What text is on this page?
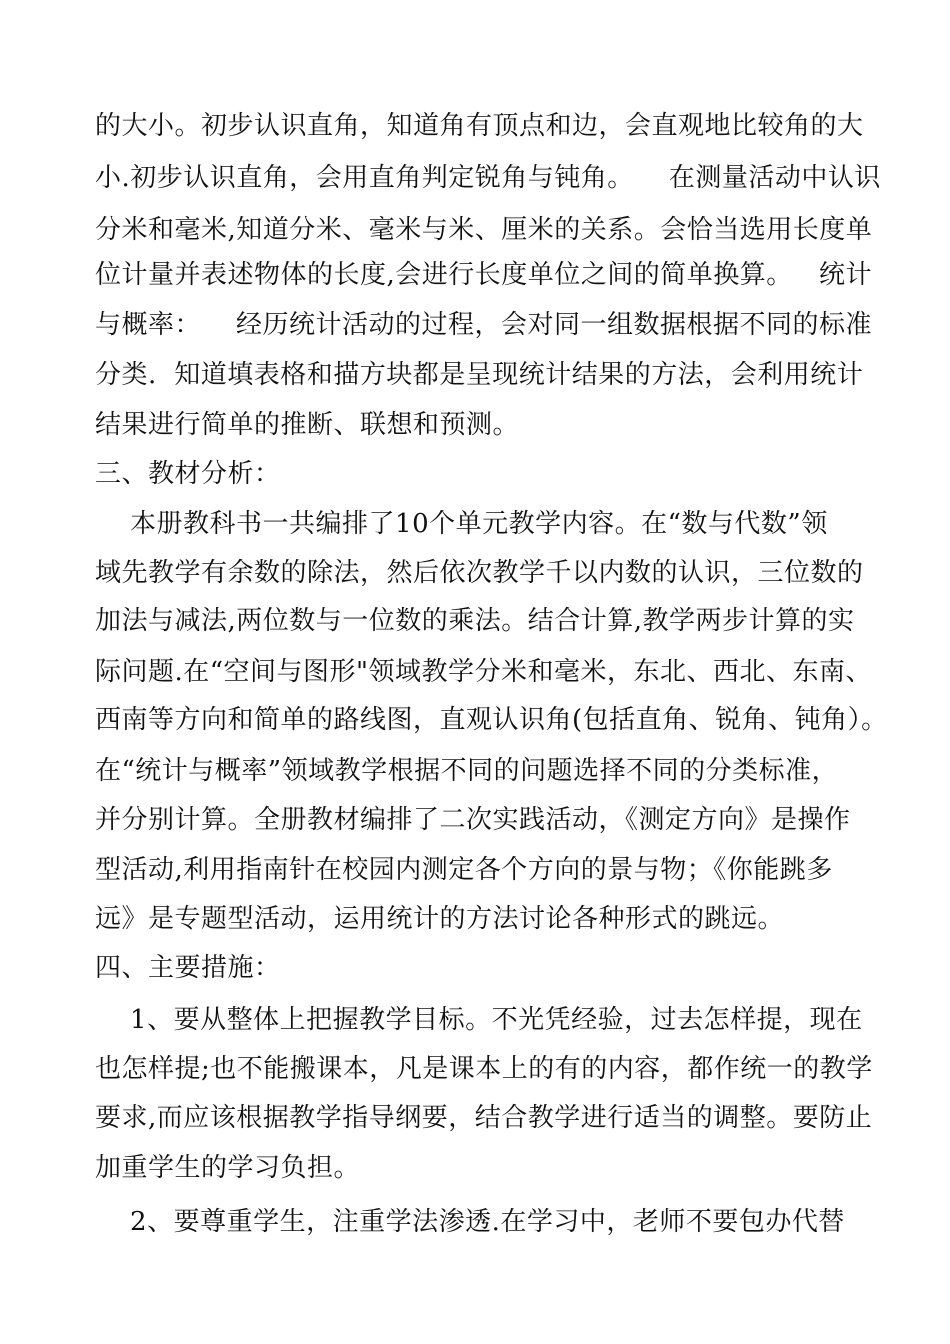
的大小。初步认识直角，知道角有顶点和边，会直观地比较角的大
小.初步认识直角，会用直角判定锐角与钝角。    在测量活动中认识
分米和毫米,知道分米、毫米与米、厘米的关系。会恰当选用长度单
位计量并表述物体的长度,会进行长度单位之间的简单换算。   统计
与概率：    经历统计活动的过程，会对同一组数据根据不同的标准
分类.  知道填表格和描方块都是呈现统计结果的方法，会利用统计
结果进行简单的推断、联想和预测。
三、教材分析：
本册教科书一共编排了10个单元教学内容。在“数与代数”领
域先教学有余数的除法，然后依次教学千以内数的认识，三位数的
加法与减法,两位数与一位数的乘法。结合计算,教学两步计算的实
际问题.在“空间与图形"领域教学分米和毫米，东北、西北、东南、
西南等方向和简单的路线图，直观认识角(包括直角、锐角、钝角）。
在“统计与概率”领域教学根据不同的问题选择不同的分类标准，
并分别计算。全册教材编排了二次实践活动，《测定方向》是操作
型活动,利用指南针在校园内测定各个方向的景与物；《你能跳多
远》是专题型活动，运用统计的方法讨论各种形式的跳远。
四、主要措施：
1、要从整体上把握教学目标。不光凭经验，过去怎样提，现在
也怎样提;也不能搬课本，凡是课本上的有的内容，都作统一的教学
要求,而应该根据教学指导纲要，结合教学进行适当的调整。要防止
加重学生的学习负担。
2、要尊重学生，注重学法渗透.在学习中，老师不要包办代替
